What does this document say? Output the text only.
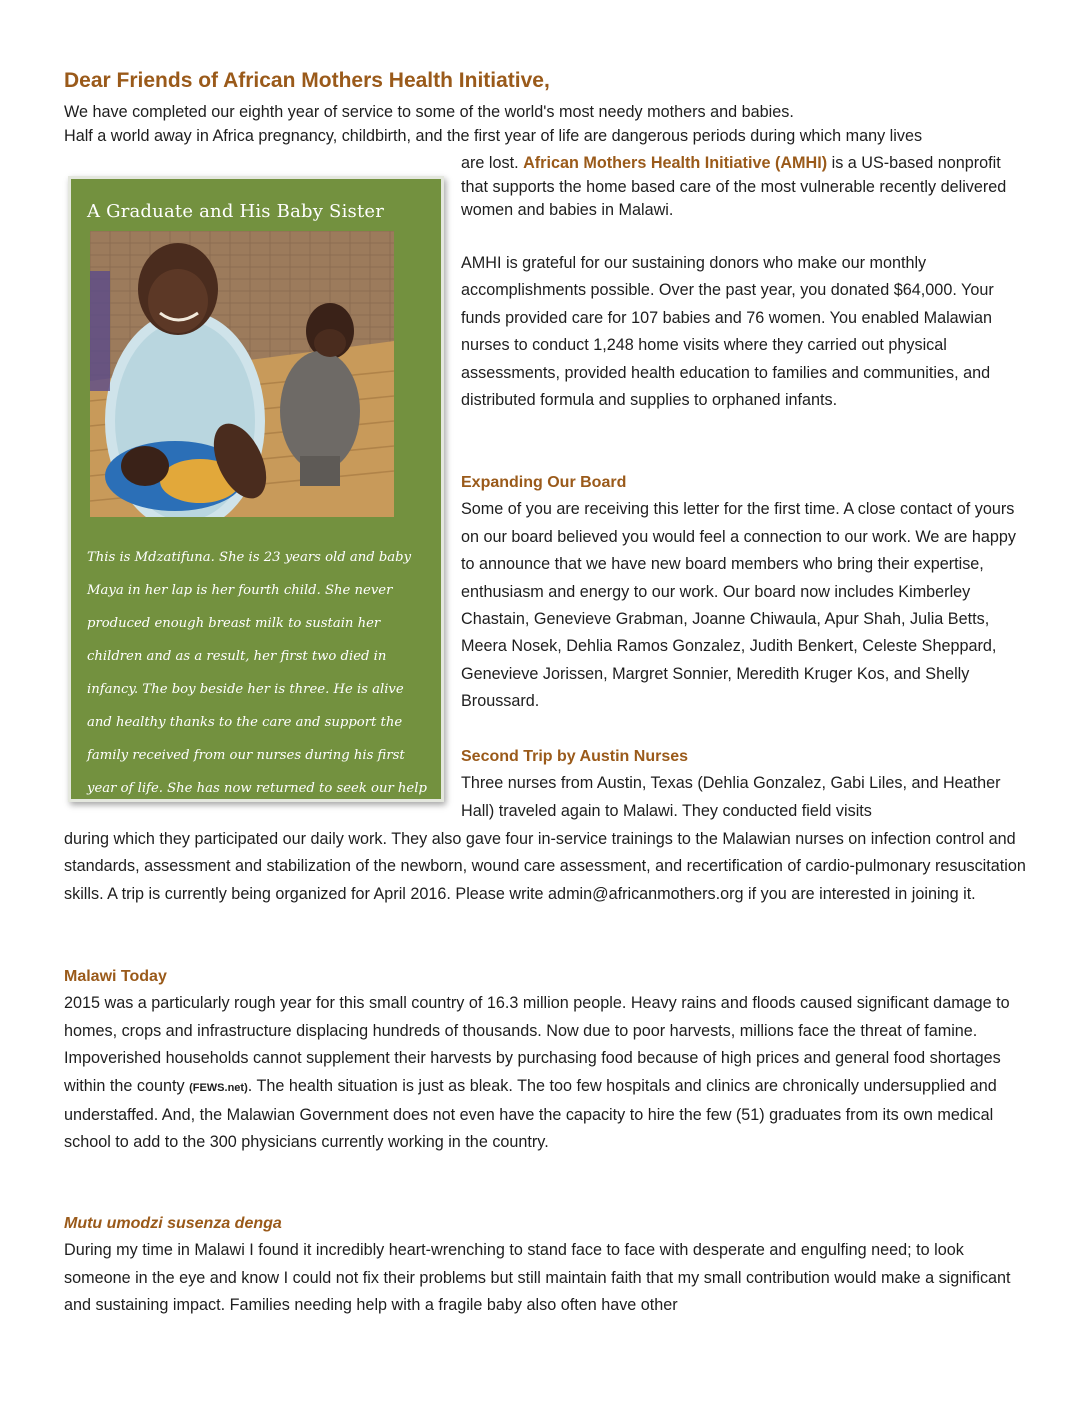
Dear Friends of African Mothers Health Initiative,

We have completed our eighth year of service to some of the world's most needy mothers and babies.

Half a world away in Africa pregnancy, childbirth, and the first year of life are dangerous periods during which many lives

A Graduate and His Baby Sister
This is Mdzatifuna. She is 23 years old and baby Maya in her lap is her fourth child. She never produced enough breast milk to sustain her children and as a result, her first two died in infancy. The boy beside her is three. He is alive and healthy thanks to the care and support the family received from our nurses during his first year of life. She has now returned to seek our help with Maya.

are lost. African Mothers Health Initiative (AMHI) is a US-based nonprofit that supports the home based care of the most vulnerable recently delivered women and babies in Malawi.

AMHI is grateful for our sustaining donors who make our monthly accomplishments possible. Over the past year, you donated $64,000. Your funds provided care for 107 babies and 76 women. You enabled Malawian nurses to conduct 1,248 home visits where they carried out physical assessments, provided health education to families and communities, and distributed formula and supplies to orphaned infants.

Expanding Our Board

Some of you are receiving this letter for the first time. A close contact of yours on our board believed you would feel a connection to our work. We are happy to announce that we have new board members who bring their expertise, enthusiasm and energy to our work. Our board now includes Kimberley Chastain, Genevieve Grabman, Joanne Chiwaula, Apur Shah, Julia Betts, Meera Nosek, Dehlia Ramos Gonzalez, Judith Benkert, Celeste Sheppard, Genevieve Jorissen, Margret Sonnier, Meredith Kruger Kos, and Shelly Broussard.

Second Trip by Austin Nurses

Three nurses from Austin, Texas (Dehlia Gonzalez, Gabi Liles, and Heather Hall) traveled again to Malawi. They conducted field visits

during which they participated our daily work. They also gave four in-service trainings to the Malawian nurses on infection control and standards, assessment and stabilization of the newborn, wound care assessment, and recertification of cardio-pulmonary resuscitation skills. A trip is currently being organized for April 2016. Please write admin@africanmothers.org if you are interested in joining it.

Malawi Today

2015 was a particularly rough year for this small country of 16.3 million people. Heavy rains and floods caused significant damage to homes, crops and infrastructure displacing hundreds of thousands. Now due to poor harvests, millions face the threat of famine. Impoverished households cannot supplement their harvests by purchasing food because of high prices and general food shortages within the county (FEWS.net). The health situation is just as bleak. The too few hospitals and clinics are chronically undersupplied and understaffed. And, the Malawian Government does not even have the capacity to hire the few (51) graduates from its own medical school to add to the 300 physicians currently working in the country.

Mutu umodzi susenza denga

During my time in Malawi I found it incredibly heart-wrenching to stand face to face with desperate and engulfing need; to look someone in the eye and know I could not fix their problems but still maintain faith that my small contribution would make a significant and sustaining impact. Families needing help with a fragile baby also often have other
